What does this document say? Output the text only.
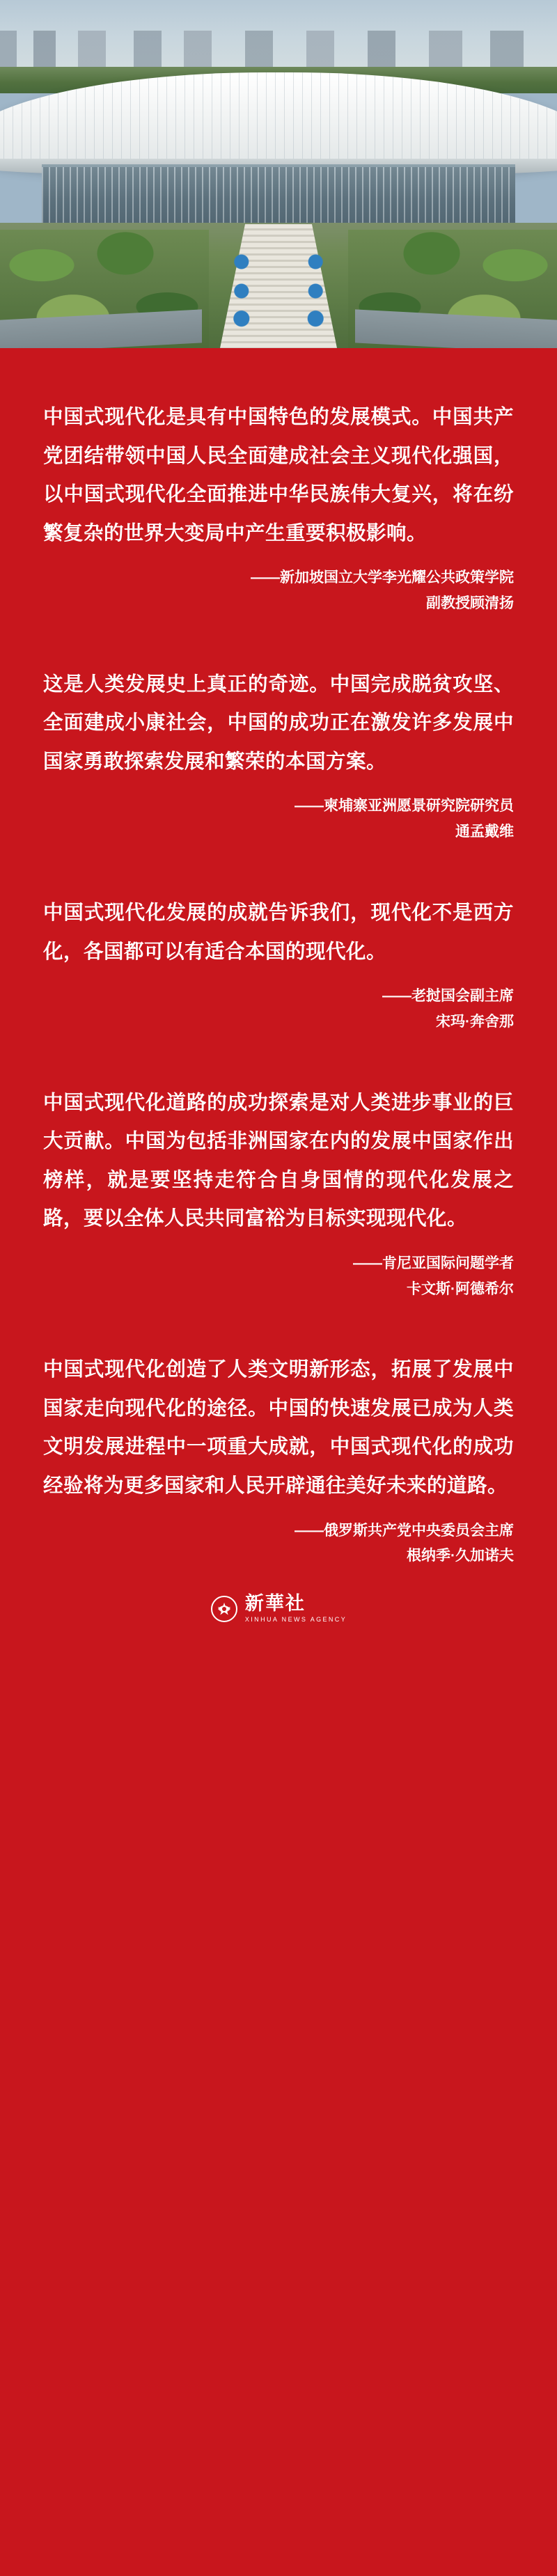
中国式现代化是具有中国特色的发展模式。中国共产党团结带领中国人民全面建成社会主义现代化强国，以中国式现代化全面推进中华民族伟大复兴，将在纷繁复杂的世界大变局中产生重要积极影响。
——新加坡国立大学李光耀公共政策学院
副教授顾清扬
这是人类发展史上真正的奇迹。中国完成脱贫攻坚、全面建成小康社会，中国的成功正在激发许多发展中国家勇敢探索发展和繁荣的本国方案。
——柬埔寨亚洲愿景研究院研究员
通孟戴维
中国式现代化发展的成就告诉我们，现代化不是西方化，各国都可以有适合本国的现代化。
——老挝国会副主席
宋玛·奔舍那
中国式现代化道路的成功探索是对人类进步事业的巨大贡献。中国为包括非洲国家在内的发展中国家作出榜样，就是要坚持走符合自身国情的现代化发展之路，要以全体人民共同富裕为目标实现现代化。
——肯尼亚国际问题学者
卡文斯·阿德希尔
中国式现代化创造了人类文明新形态，拓展了发展中国家走向现代化的途径。中国的快速发展已成为人类文明发展进程中一项重大成就，中国式现代化的成功经验将为更多国家和人民开辟通往美好未来的道路。
——俄罗斯共产党中央委员会主席
根纳季·久加诺夫
新華社
XINHUA NEWS AGENCY
